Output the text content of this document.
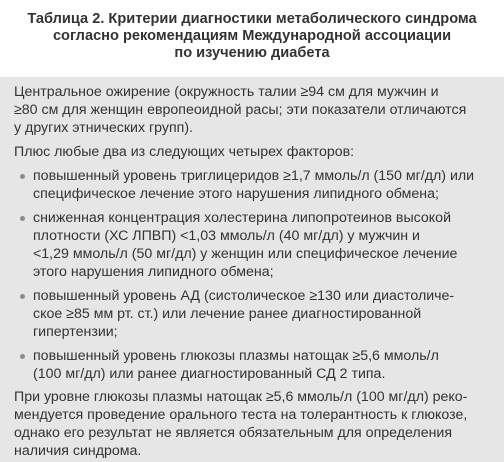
Таблица 2. Критерии диагностики метаболического синдрома
согласно рекомендациям Международной ассоциации
по изучению диабета

Центральное ожирение (окружность талии ≥94 см для мужчин и
≥80 см для женщин европеоидной расы; эти показатели отличаются
у других этнических групп).

Плюс любые два из следующих четырех факторов:

повышенный уровень триглицеридов ≥1,7 ммоль/л (150 мг/дл) или
специфическое лечение этого нарушения липидного обмена;
сниженная концентрация холестерина липопротеинов высокой
плотности (ХС ЛПВП) <1,03 ммоль/л (40 мг/дл) у мужчин и
<1,29 ммоль/л (50 мг/дл) у женщин или специфическое лечение
этого нарушения липидного обмена;
повышенный уровень АД (систолическое ≥130 или диастоличе-
ское ≥85 мм рт. ст.) или лечение ранее диагностированной
гипертензии;
повышенный уровень глюкозы плазмы натощак ≥5,6 ммоль/л
(100 мг/дл) или ранее диагностированный СД 2 типа.

При уровне глюкозы плазмы натощак ≥5,6 ммоль/л (100 мг/дл) реко-
мендуется проведение орального теста на толерантность к глюкозе,
однако его результат не является обязательным для определения
наличия синдрома.
